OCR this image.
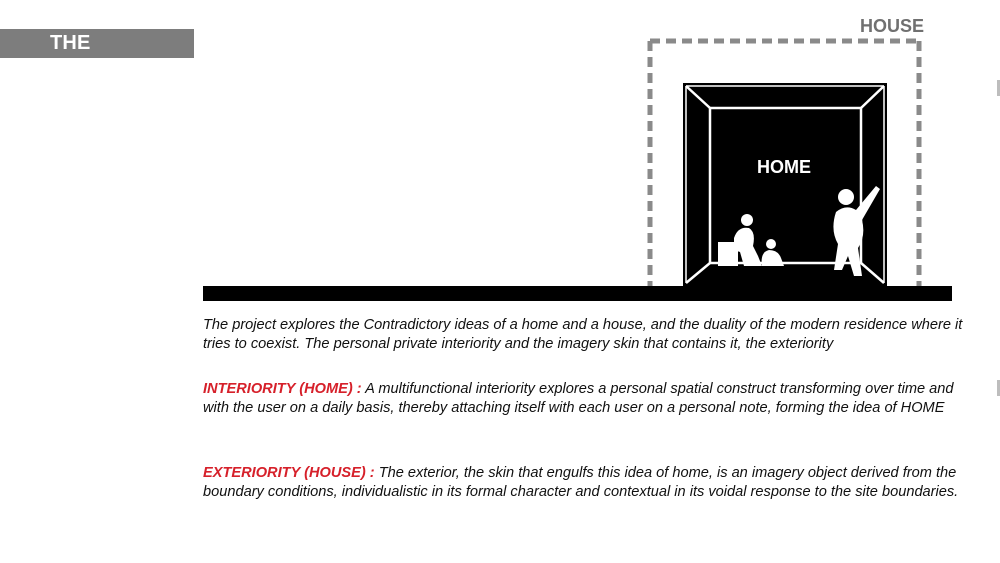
THE PROCESS
HOUSE
HOME
The project explores the Contradictory ideas of a home and a house, and the duality of the modern residence where it tries to coexist. The personal private interiority and the imagery skin that contains it, the exteriority
INTERIORITY (HOME) : A multifunctional interiority explores a personal spatial construct transforming over time and with the user on a daily basis, thereby attaching itself with each user on a personal note, forming the idea of HOME
EXTERIORITY (HOUSE) : The exterior, the skin that engulfs this idea of home, is an imagery object derived from the boundary conditions, individualistic in its formal character and contextual in its voidal response to the site boundaries.
